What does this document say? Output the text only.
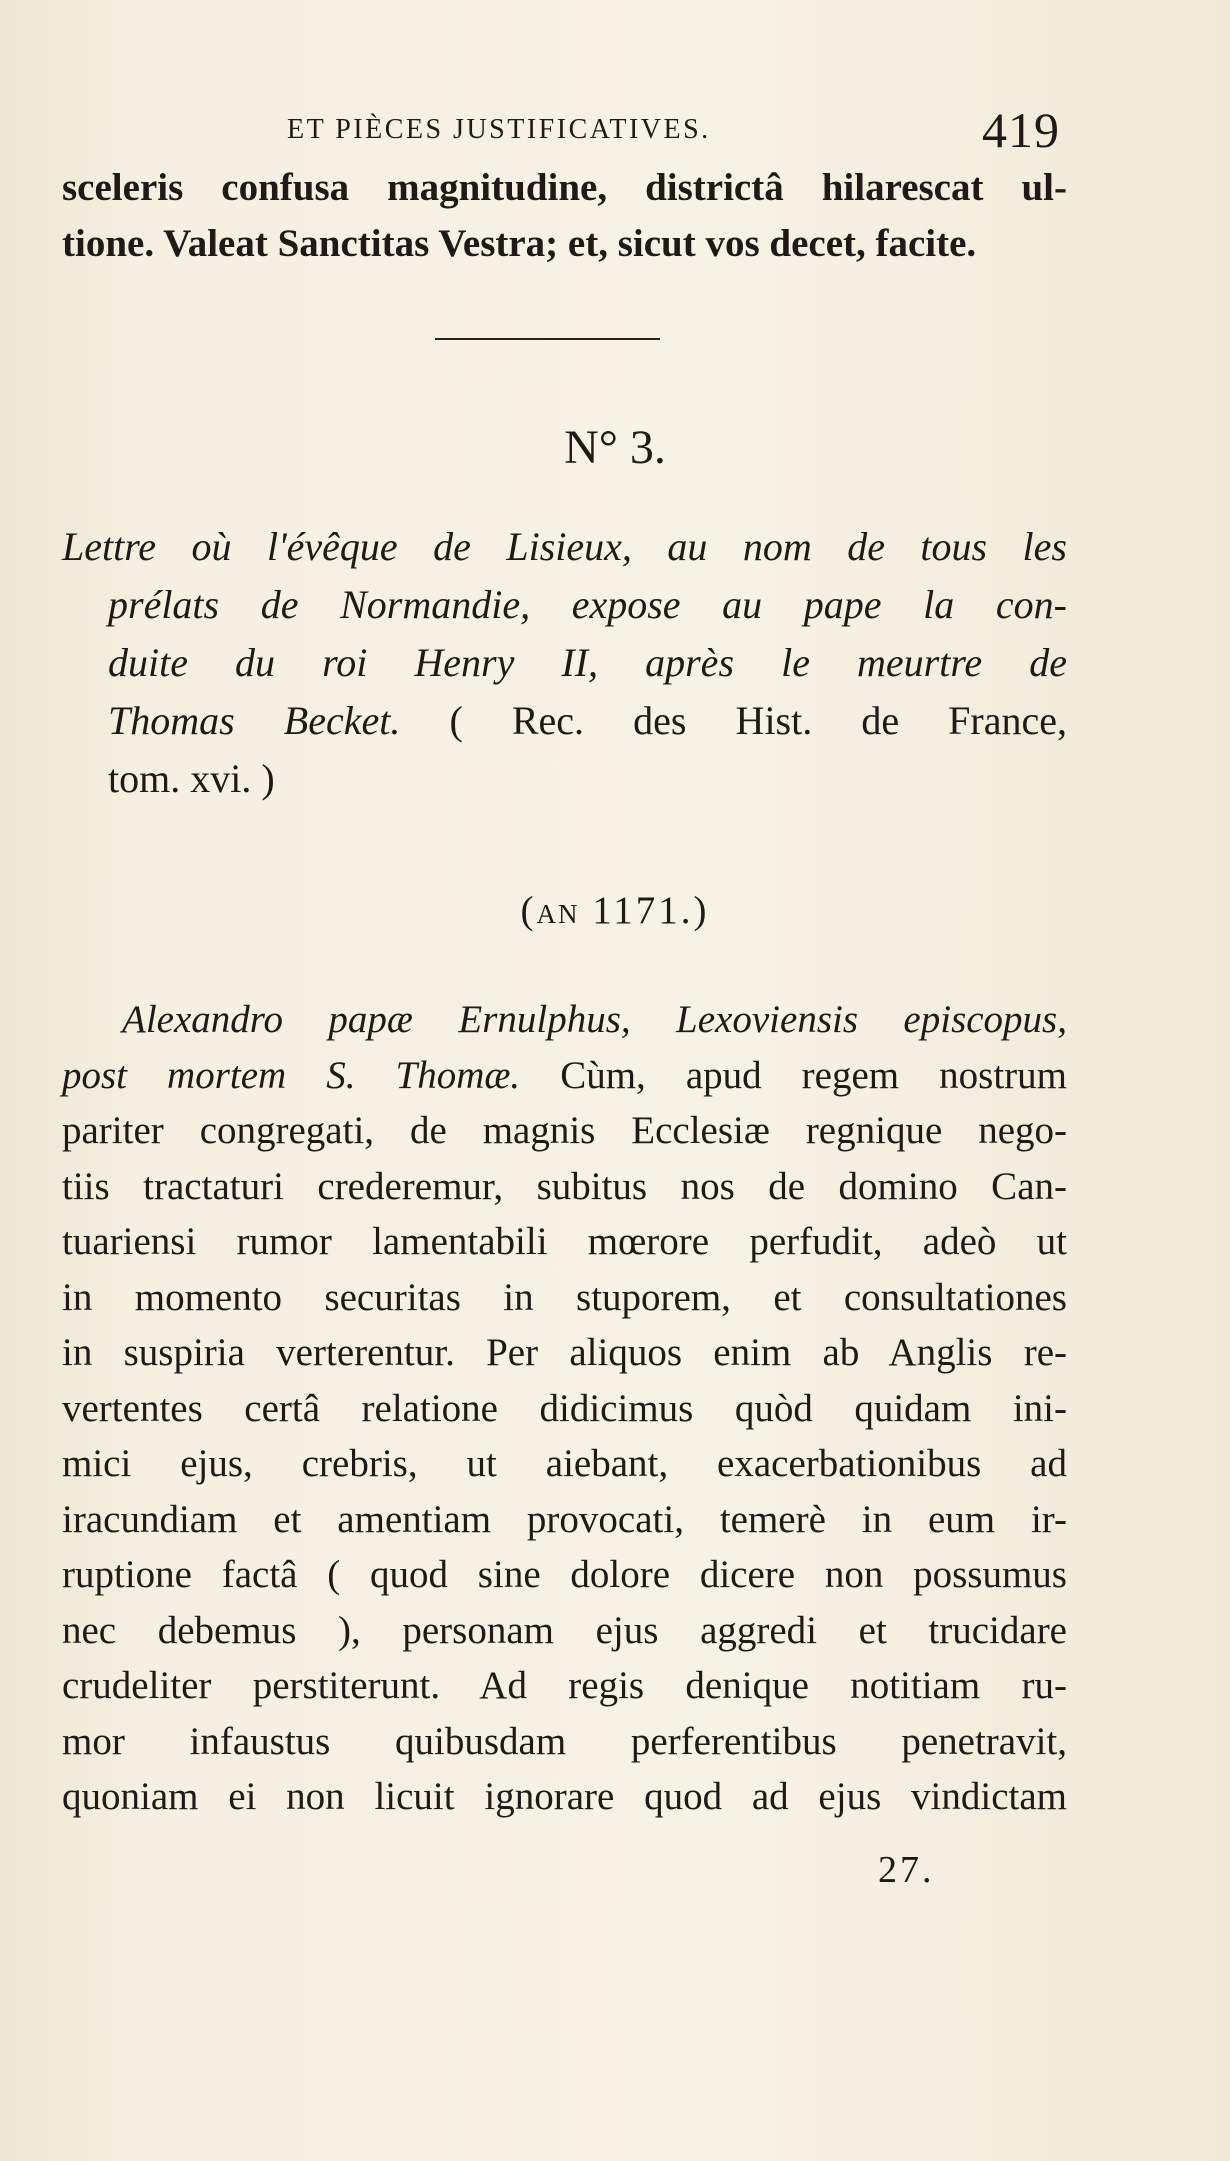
ET PIÈCES JUSTIFICATIVES.	419
sceleris confusa magnitudine, districtâ hilarescat ul-
tione. Valeat Sanctitas Vestra; et, sicut vos decet, facite.
N° 3.
Lettre où l'évêque de Lisieux, au nom de tous les
prélats de Normandie, expose au pape la con-
duite du roi Henry II, après le meurtre de
Thomas Becket. ( Rec. des Hist. de France,
tom. xvi. )
(AN 1171.)
Alexandro papæ Ernulphus, Lexoviensis episcopus,
post mortem S. Thomæ. Cùm, apud regem nostrum
pariter congregati, de magnis Ecclesiæ regnique nego-
tiis tractaturi crederemur, subitus nos de domino Can-
tuariensi rumor lamentabili mœrore perfudit, adeò ut
in momento securitas in stuporem, et consultationes
in suspiria verterentur. Per aliquos enim ab Anglis re-
vertentes certâ relatione didicimus quòd quidam ini-
mici ejus, crebris, ut aiebant, exacerbationibus ad
iracundiam et amentiam provocati, temerè in eum ir-
ruptione factâ ( quod sine dolore dicere non possumus
nec debemus ), personam ejus aggredi et trucidare
crudeliter perstiterunt. Ad regis denique notitiam ru-
mor infaustus quibusdam perferentibus penetravit,
quoniam ei non licuit ignorare quod ad ejus vindictam
27.
